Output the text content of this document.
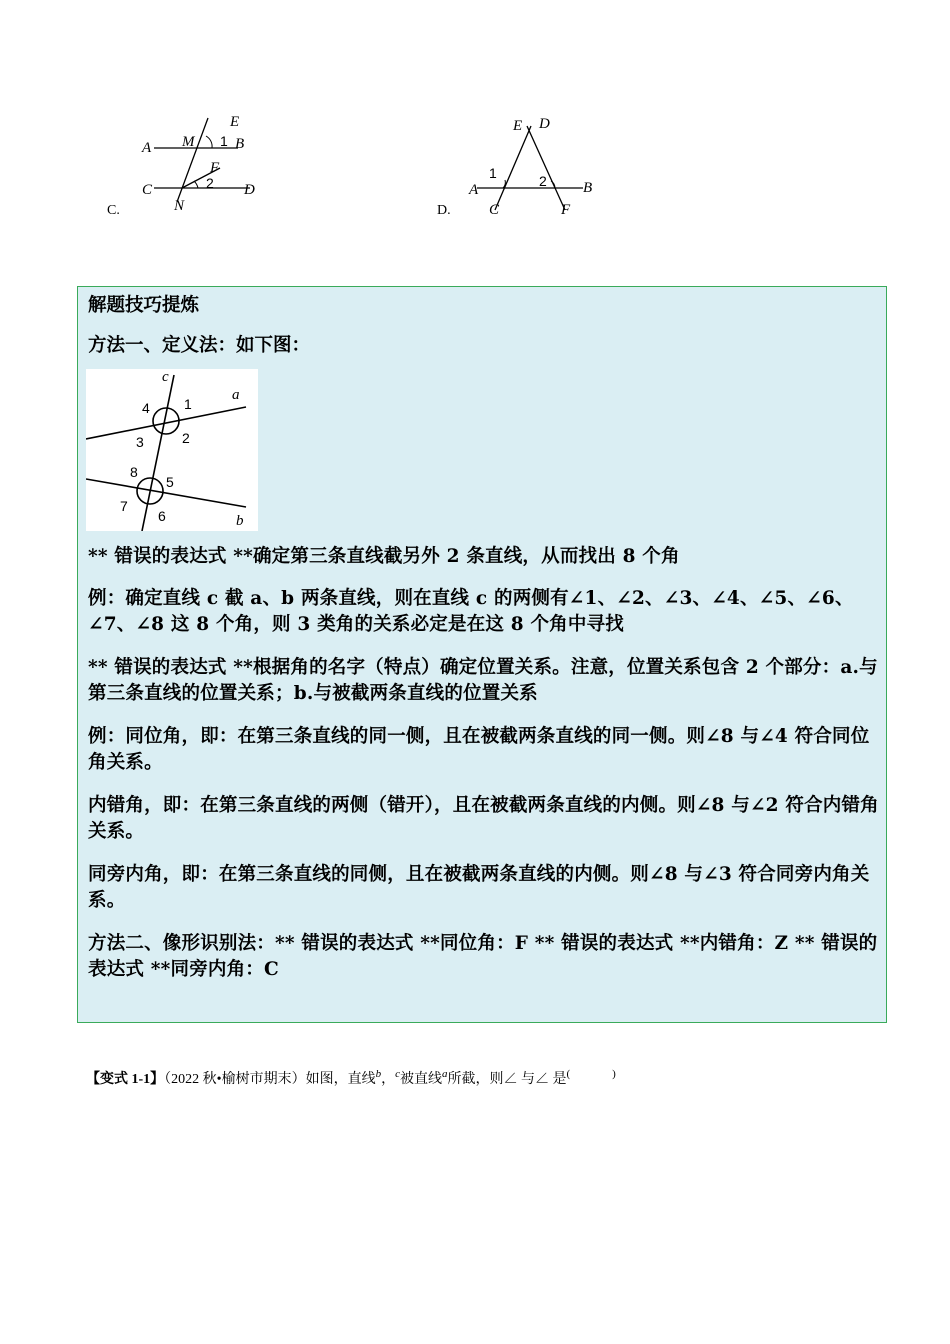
A M
E
1 B
F
2
C	D
N
C.
E D
1
A
C
2
F
B
D.
解题技巧提炼
方法一、定义法：如下图：
c
a
b
1
2
3
4
5
6
7
8
** 错误的表达式 **确定第三条直线截另外 2 条直线，从而找出 8 个角
例：确定直线 c 截 a、b 两条直线，则在直线 c 的两侧有∠1、∠2、∠3、∠4、∠5、∠6、∠7、∠8 这 8 个角，则 3 类角的关系必定是在这 8 个角中寻找
** 错误的表达式 **根据角的名字（特点）确定位置关系。注意，位置关系包含 2 个部分：a.与第三条直线的位置关系；b.与被截两条直线的位置关系
例：同位角，即：在第三条直线的同一侧，且在被截两条直线的同一侧。则∠8 与∠4 符合同位角关系。
内错角，即：在第三条直线的两侧（错开），且在被截两条直线的内侧。则∠8 与∠2 符合内错角关系。
同旁内角，即：在第三条直线的同侧，且在被截两条直线的内侧。则∠8 与∠3 符合同旁内角关系。
方法二、像形识别法：** 错误的表达式 **同位角：F ** 错误的表达式 **内错角：Z ** 错误的表达式 **同旁内角：C
【变式 1-1】（2022 秋•榆树市期末）如图，直线$^b$，$^c$被直线$^a$所截，则∠ 与∠ 是(	)
